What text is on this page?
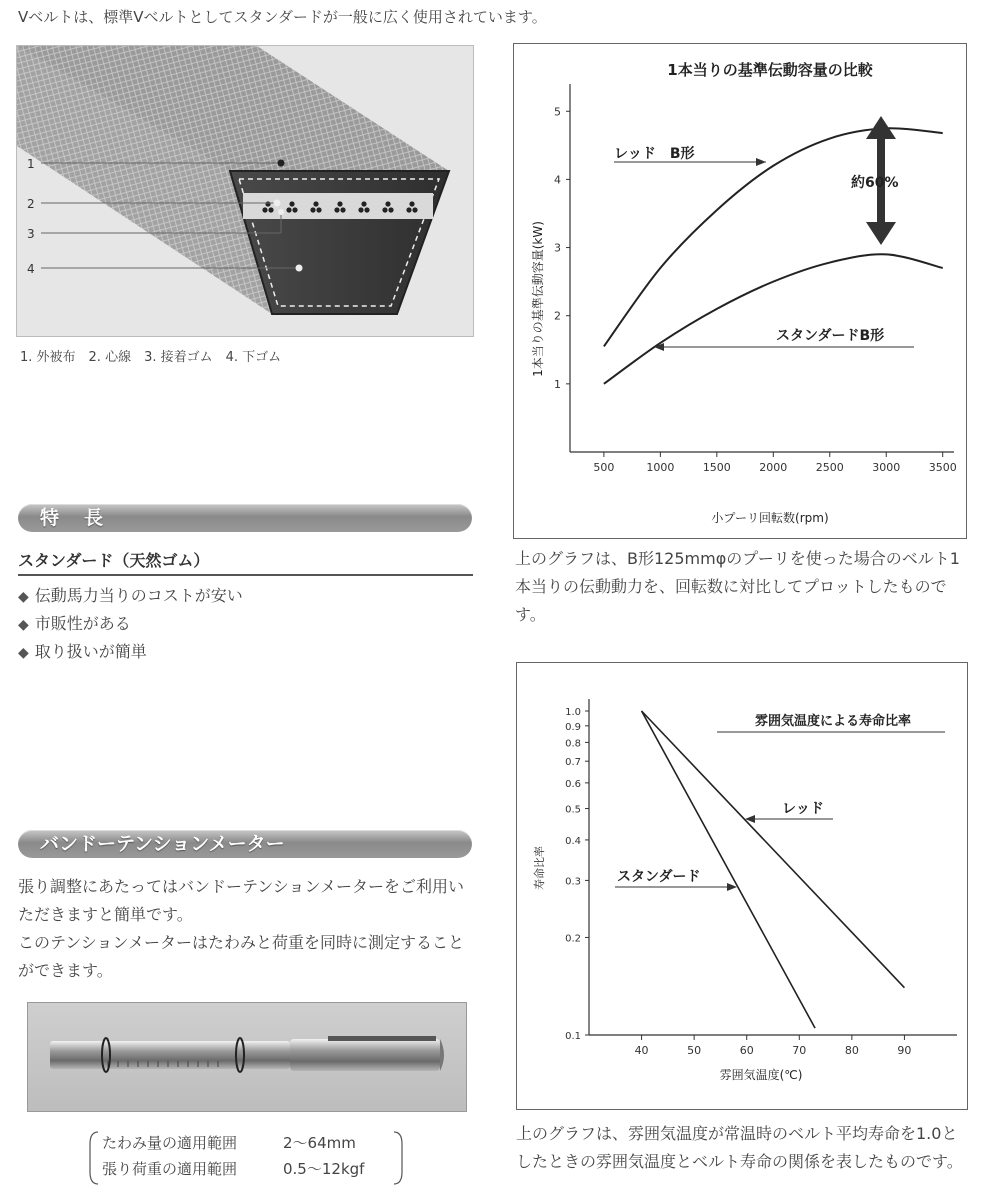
Vベルトは、標準Vベルトとしてスタンダードが一般に広く使用されています。
1
2
3
4
1. 外被布　2. 心線　3. 接着ゴム　4. 下ゴム
特　長
スタンダード（天然ゴム）
◆ 伝動馬力当りのコストが安い
◆ 市販性がある
◆ 取り扱いが簡単
バンドーテンションメーター
張り調整にあたってはバンドーテンションメーターをご利用いただきますと簡単です。
このテンションメーターはたわみと荷重を同時に測定することができます。
たわみ量の適用範囲	2〜64mm
張り荷重の適用範囲	0.5〜12kgf
1本当りの基準伝動容量の比較
1本当りの基準伝動容量(kW)
小プーリ回転数(rpm)
500	1000	1500	2000	2500	3000	3500
1
2
3
4
5
レッド　B形
スタンダードB形
約60%
上のグラフは、B形125mmφのプーリを使った場合のベルト1本当りの伝動動力を、回転数に対比してプロットしたものです。
雰囲気温度による寿命比率
寿命比率
雰囲気温度(℃)
40	50	60	70	80	90
0.1
0.2
0.3
0.4
0.5
0.6
0.7
0.8
0.9
1.0
レッド
スタンダード
上のグラフは、雰囲気温度が常温時のベルト平均寿命を1.0としたときの雰囲気温度とベルト寿命の関係を表したものです。
